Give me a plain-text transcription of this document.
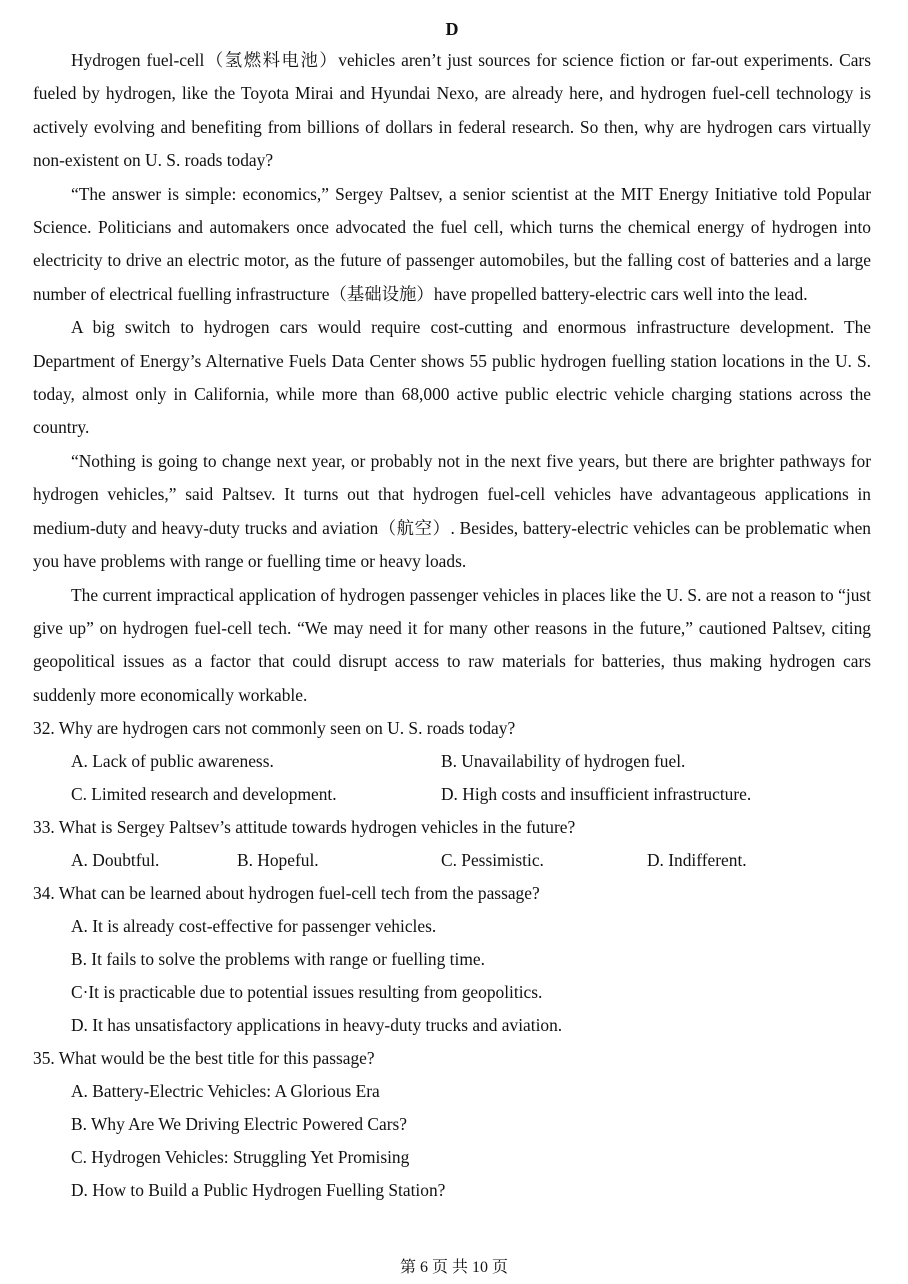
D

Hydrogen fuel-cell（氢燃料电池）vehicles aren’t just sources for science fiction or far-out experiments. Cars fueled by hydrogen, like the Toyota Mirai and Hyundai Nexo, are already here, and hydrogen fuel-cell technology is actively evolving and benefiting from billions of dollars in federal research. So then, why are hydrogen cars virtually non-existent on U. S. roads today?

“The answer is simple: economics,” Sergey Paltsev, a senior scientist at the MIT Energy Initiative told Popular Science. Politicians and automakers once advocated the fuel cell, which turns the chemical energy of hydrogen into electricity to drive an electric motor, as the future of passenger automobiles, but the falling cost of batteries and a large number of electrical fuelling infrastructure（基础设施）have propelled battery-electric cars well into the lead.

A big switch to hydrogen cars would require cost-cutting and enormous infrastructure development. The Department of Energy’s Alternative Fuels Data Center shows 55 public hydrogen fuelling station locations in the U. S. today, almost only in California, while more than 68,000 active public electric vehicle charging stations across the country.

“Nothing is going to change next year, or probably not in the next five years, but there are brighter pathways for hydrogen vehicles,” said Paltsev. It turns out that hydrogen fuel-cell vehicles have advantageous applications in medium-duty and heavy-duty trucks and aviation（航空）. Besides, battery-electric vehicles can be problematic when you have problems with range or fuelling time or heavy loads.

The current impractical application of hydrogen passenger vehicles in places like the U. S. are not a reason to “just give up” on hydrogen fuel-cell tech. “We may need it for many other reasons in the future,” cautioned Paltsev, citing geopolitical issues as a factor that could disrupt access to raw materials for batteries, thus making hydrogen cars suddenly more economically workable.

32. Why are hydrogen cars not commonly seen on U. S. roads today?

A. Lack of public awareness.	B. Unavailability of hydrogen fuel.
C. Limited research and development.	D. High costs and insufficient infrastructure.

33. What is Sergey Paltsev’s attitude towards hydrogen vehicles in the future?

A. Doubtful.	B. Hopeful.	C. Pessimistic.	D. Indifferent.

34. What can be learned about hydrogen fuel-cell tech from the passage?

A. It is already cost-effective for passenger vehicles.
B. It fails to solve the problems with range or fuelling time.
C·It is practicable due to potential issues resulting from geopolitics.
D. It has unsatisfactory applications in heavy-duty trucks and aviation.

35. What would be the best title for this passage?

A. Battery-Electric Vehicles: A Glorious Era
B. Why Are We Driving Electric Powered Cars?
C. Hydrogen Vehicles: Struggling Yet Promising
D. How to Build a Public Hydrogen Fuelling Station?
第 6 页 共 10 页
